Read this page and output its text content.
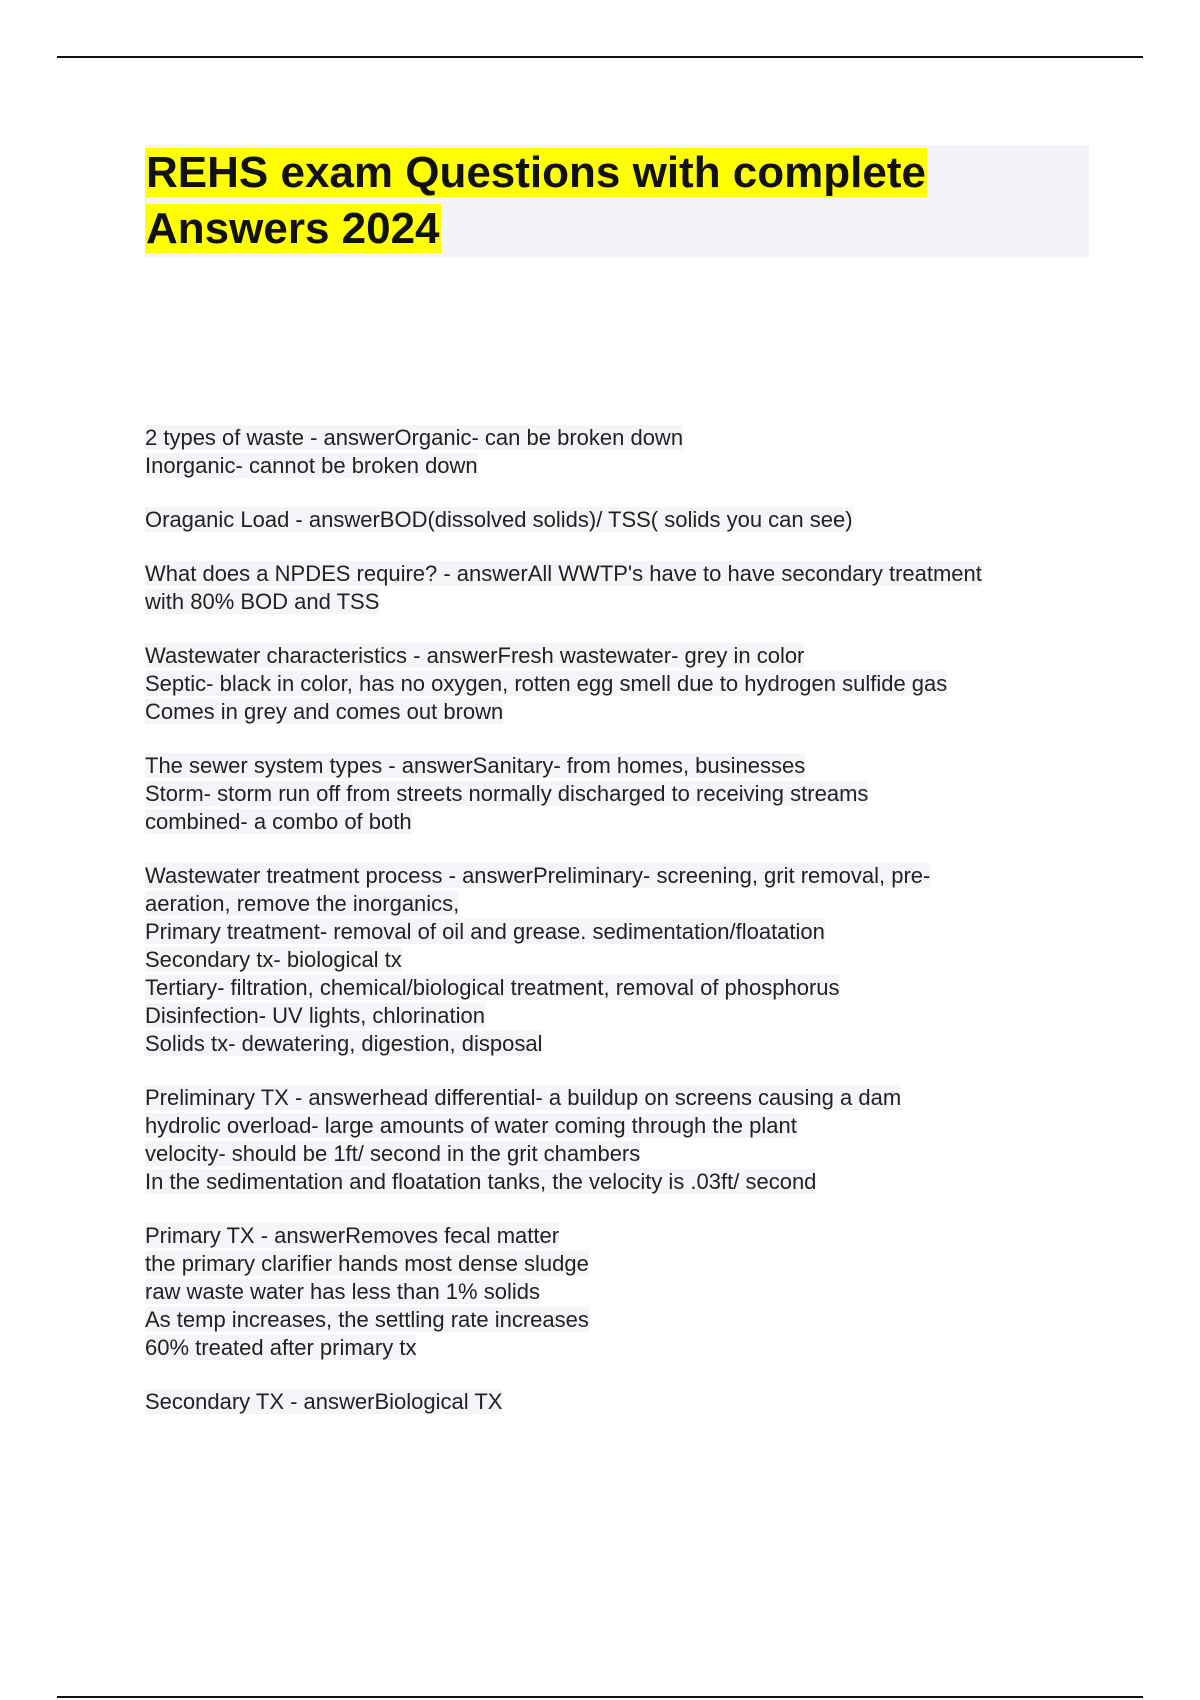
REHS exam Questions with complete
Answers 2024
2 types of waste - answerOrganic- can be broken down
Inorganic- cannot be broken down
Oraganic Load - answerBOD(dissolved solids)/ TSS( solids you can see)
What does a NPDES require? - answerAll WWTP's have to have secondary treatment
with 80% BOD and TSS
Wastewater characteristics - answerFresh wastewater- grey in color
Septic- black in color, has no oxygen, rotten egg smell due to hydrogen sulfide gas
Comes in grey and comes out brown
The sewer system types - answerSanitary- from homes, businesses
Storm- storm run off from streets normally discharged to receiving streams
combined- a combo of both
Wastewater treatment process - answerPreliminary- screening, grit removal, pre-
aeration, remove the inorganics,
Primary treatment- removal of oil and grease. sedimentation/floatation
Secondary tx- biological tx
Tertiary- filtration, chemical/biological treatment, removal of phosphorus
Disinfection- UV lights, chlorination
Solids tx- dewatering, digestion, disposal
Preliminary TX - answerhead differential- a buildup on screens causing a dam
hydrolic overload- large amounts of water coming through the plant
velocity- should be 1ft/ second in the grit chambers
In the sedimentation and floatation tanks, the velocity is .03ft/ second
Primary TX - answerRemoves fecal matter
the primary clarifier hands most dense sludge
raw waste water has less than 1% solids
As temp increases, the settling rate increases
60% treated after primary tx
Secondary TX - answerBiological TX
